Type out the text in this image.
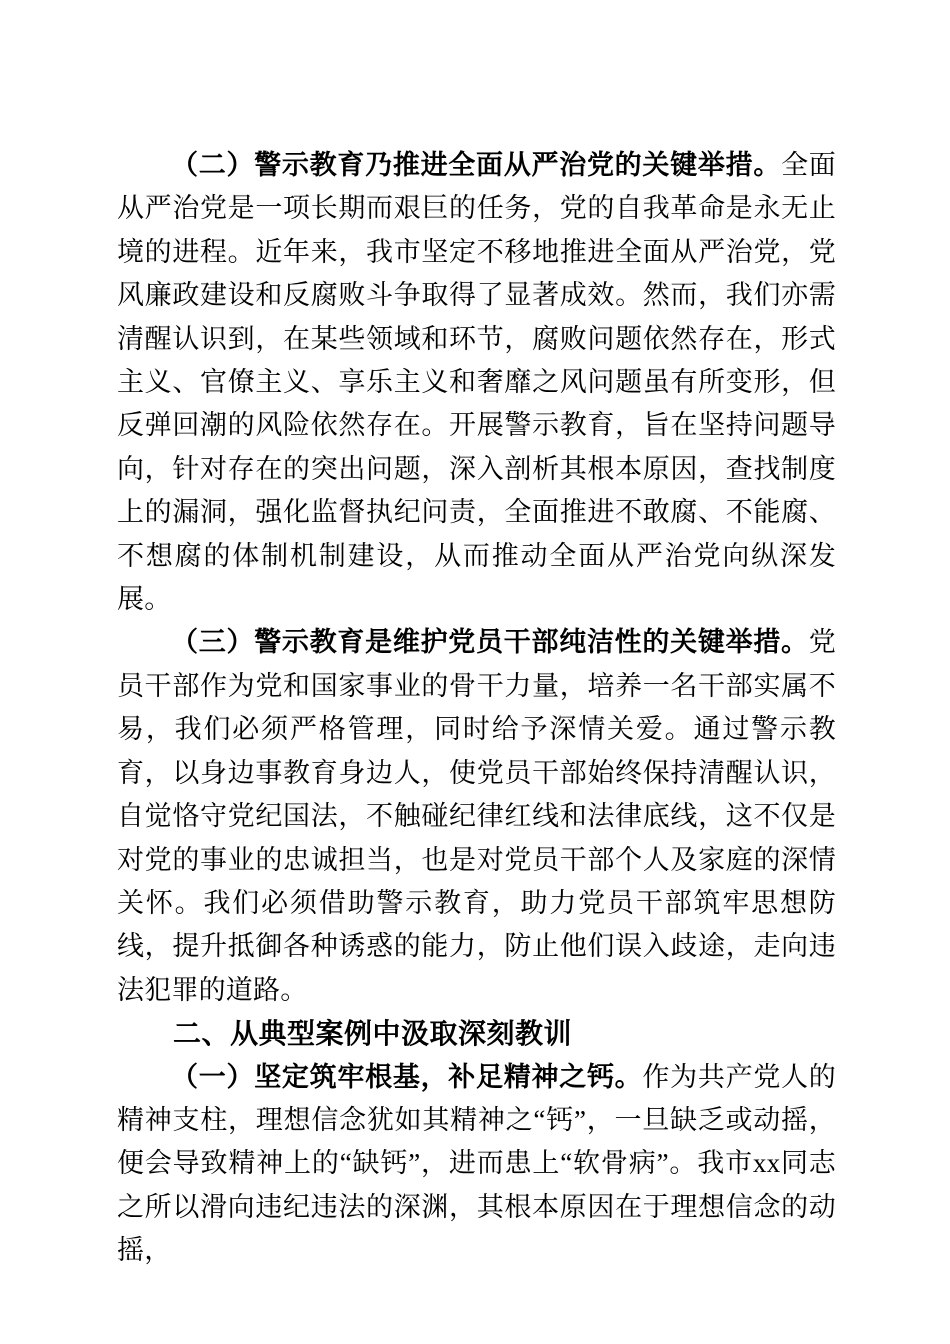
（二）警示教育乃推进全面从严治党的关键举措。全面从严治党是一项长期而艰巨的任务，党的自我革命是永无止境的进程。近年来，我市坚定不移地推进全面从严治党，党风廉政建设和反腐败斗争取得了显著成效。然而，我们亦需清醒认识到，在某些领域和环节，腐败问题依然存在，形式主义、官僚主义、享乐主义和奢靡之风问题虽有所变形，但反弹回潮的风险依然存在。开展警示教育，旨在坚持问题导向，针对存在的突出问题，深入剖析其根本原因，查找制度上的漏洞，强化监督执纪问责，全面推进不敢腐、不能腐、不想腐的体制机制建设，从而推动全面从严治党向纵深发展。

（三）警示教育是维护党员干部纯洁性的关键举措。党员干部作为党和国家事业的骨干力量，培养一名干部实属不易，我们必须严格管理，同时给予深情关爱。通过警示教育，以身边事教育身边人，使党员干部始终保持清醒认识，自觉恪守党纪国法，不触碰纪律红线和法律底线，这不仅是对党的事业的忠诚担当，也是对党员干部个人及家庭的深情关怀。我们必须借助警示教育，助力党员干部筑牢思想防线，提升抵御各种诱惑的能力，防止他们误入歧途，走向违法犯罪的道路。

二、从典型案例中汲取深刻教训

（一）坚定筑牢根基，补足精神之钙。作为共产党人的精神支柱，理想信念犹如其精神之“钙”，一旦缺乏或动摇，便会导致精神上的“缺钙”，进而患上“软骨病”。我市xx同志之所以滑向违纪违法的深渊，其根本原因在于理想信念的动摇，
